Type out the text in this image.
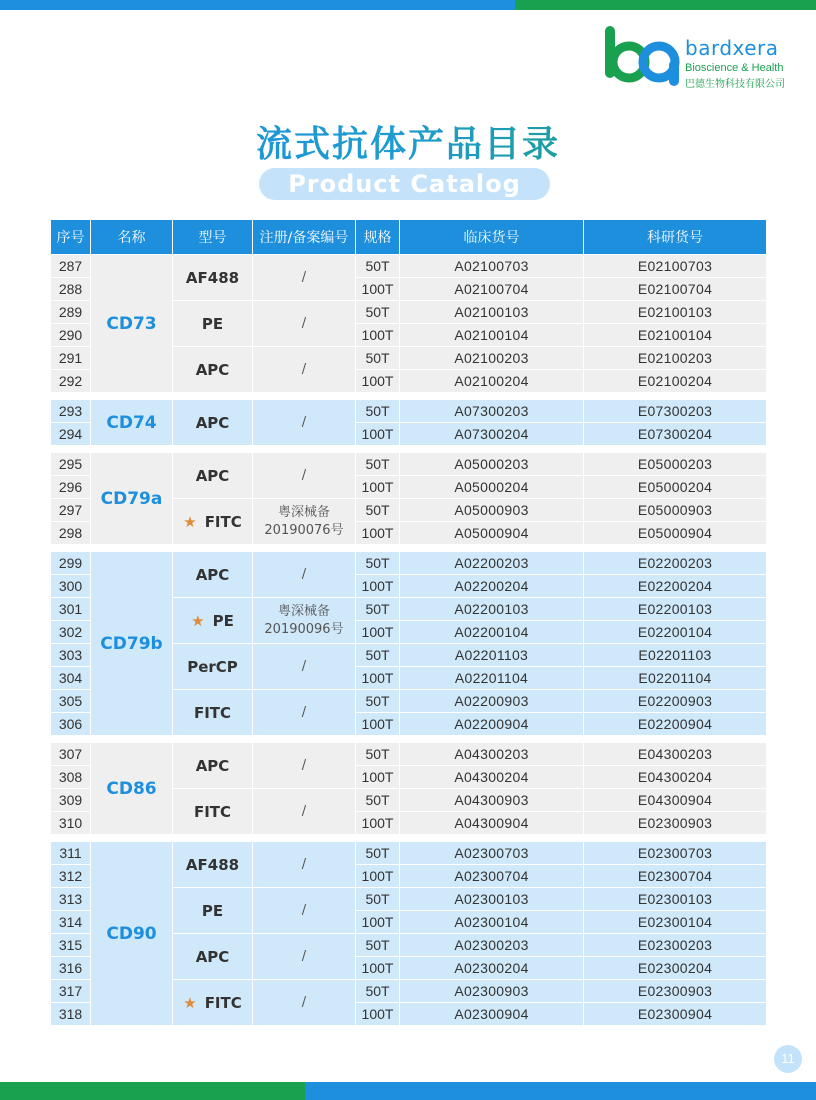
bardxera
Bioscience & Health
巴德生物科技有限公司
流式抗体产品目录
Product Catalog
序号	名称	型号	注册/备案编号	规格	临床货号	科研货号
287	CD73	AF488	/	50T	A02100703	E02100703
288				100T	A02100704	E02100704
289		PE	/	50T	A02100103	E02100103
290				100T	A02100104	E02100104
291		APC	/	50T	A02100203	E02100203
292				100T	A02100204	E02100204

293	CD74	APC	/	50T	A07300203	E07300203
294				100T	A07300204	E07300204

295	CD79a	APC	/	50T	A05000203	E05000203
296				100T	A05000204	E05000204
297		★ FITC	粤深械备 20190076号	50T	A05000903	E05000903
298				100T	A05000904	E05000904

299	CD79b	APC	/	50T	A02200203	E02200203
300				100T	A02200204	E02200204
301		★ PE	粤深械备 20190096号	50T	A02200103	E02200103
302				100T	A02200104	E02200104
303		PerCP	/	50T	A02201103	E02201103
304				100T	A02201104	E02201104
305		FITC	/	50T	A02200903	E02200903
306				100T	A02200904	E02200904

307	CD86	APC	/	50T	A04300203	E04300203
308				100T	A04300204	E04300204
309		FITC	/	50T	A04300903	E04300904
310				100T	A04300904	E02300903

311	CD90	AF488	/	50T	A02300703	E02300703
312				100T	A02300704	E02300704
313		PE	/	50T	A02300103	E02300103
314				100T	A02300104	E02300104
315		APC	/	50T	A02300203	E02300203
316				100T	A02300204	E02300204
317		★ FITC	/	50T	A02300903	E02300903
318				100T	A02300904	E02300904
11
